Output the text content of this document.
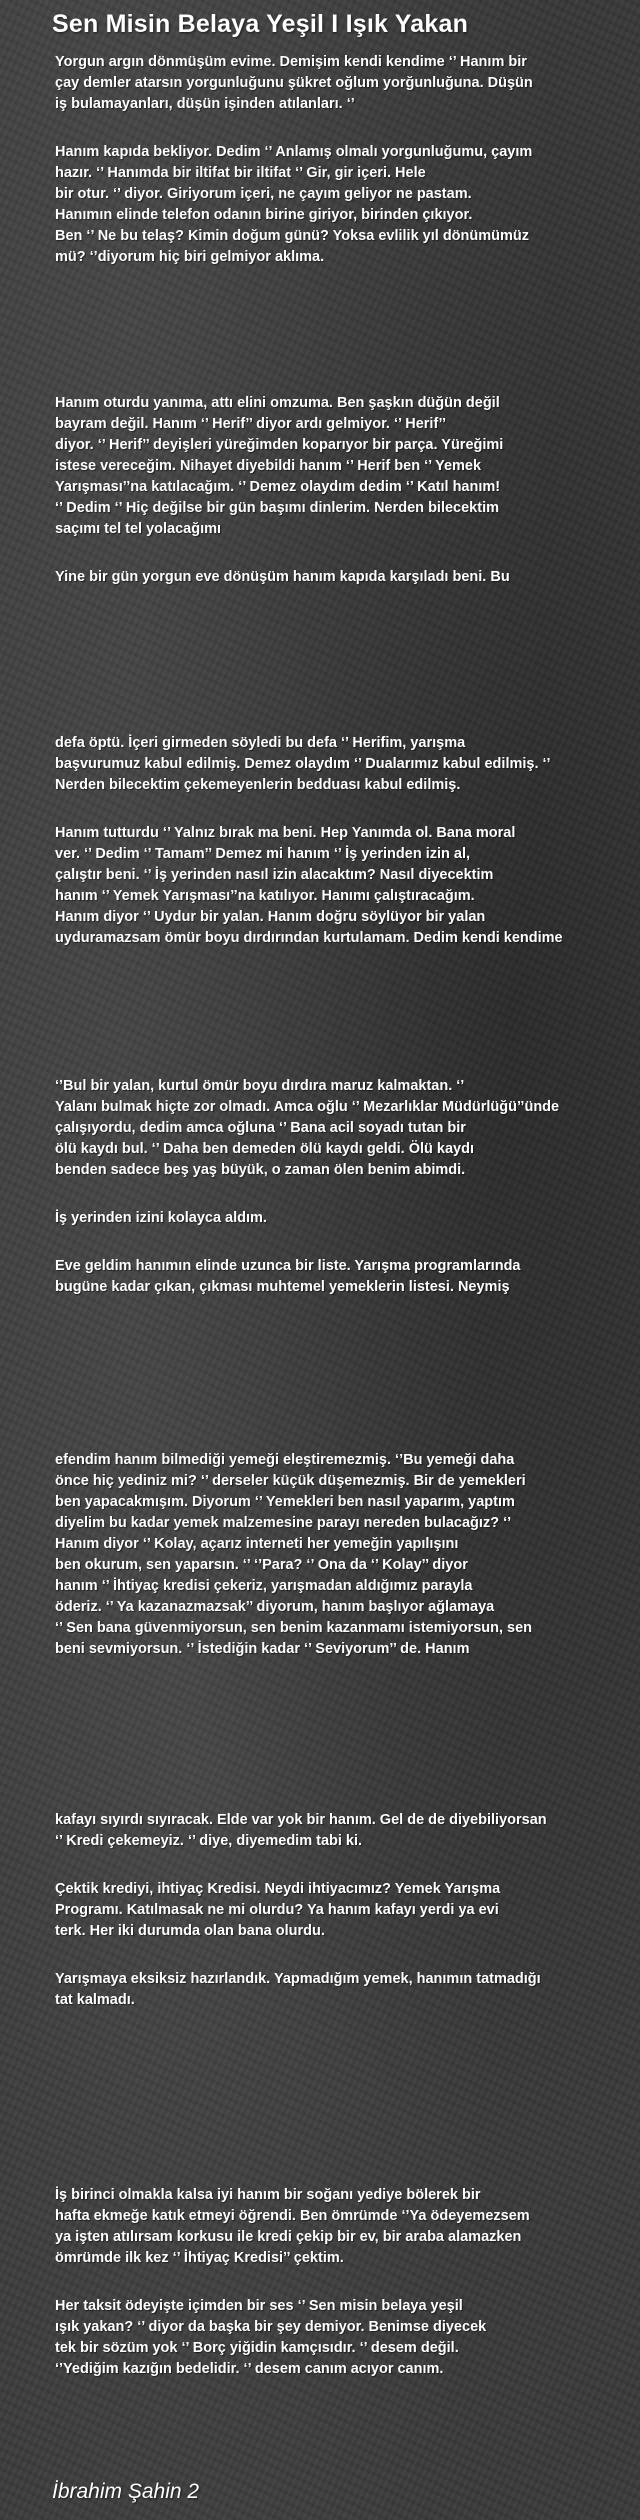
Sen Misin Belaya Yeşil I Işık Yakan

Yorgun argın dönmüşüm evime. Demişim kendi kendime ‘’ Hanım bir
çay demler atarsın yorgunluğunu şükret oğlum yorğunluğuna. Düşün
iş bulamayanları, düşün işinden atılanları. ‘’

Hanım kapıda bekliyor. Dedim ‘’ Anlamış olmalı yorgunluğumu, çayım
hazır. ‘’ Hanımda bir iltifat bir iltifat ‘’ Gir, gir içeri. Hele
bir otur. ‘’ diyor. Giriyorum içeri, ne çayım geliyor ne pastam.
Hanımın elinde telefon odanın birine giriyor, birinden çıkıyor.
Ben ‘’ Ne bu telaş? Kimin doğum günü? Yoksa evlilik yıl dönümümüz
mü? ‘’diyorum hiç biri gelmiyor aklıma.

Hanım oturdu yanıma, attı elini omzuma. Ben şaşkın düğün değil
bayram değil. Hanım ‘’ Herif’’ diyor ardı gelmiyor. ‘’ Herif’’
diyor. ‘’ Herif’’ deyişleri yüreğimden koparıyor bir parça. Yüreğimi
istese vereceğim. Nihayet diyebildi hanım ‘’ Herif ben ‘’ Yemek
Yarışması’’na katılacağım. ‘’ Demez olaydım dedim ‘’ Katıl hanım!
‘’ Dedim ‘’ Hiç değilse bir gün başımı dinlerim. Nerden bilecektim
saçımı tel tel yolacağımı

Yine bir gün yorgun eve dönüşüm hanım kapıda karşıladı beni. Bu

defa öptü. İçeri girmeden söyledi bu defa ‘’ Herifim, yarışma
başvurumuz kabul edilmiş. Demez olaydım ‘’ Dualarımız kabul edilmiş. ‘’
Nerden bilecektim çekemeyenlerin bedduası kabul edilmiş.

Hanım tutturdu ‘’ Yalnız bırak ma beni. Hep Yanımda ol. Bana moral
ver. ‘’ Dedim ‘’ Tamam’’ Demez mi hanım ‘’ İş yerinden izin al,
çalıştır beni. ‘’ İş yerinden nasıl izin alacaktım? Nasıl diyecektim
hanım ‘’ Yemek Yarışması’’na katılıyor. Hanımı çalıştıracağım.
Hanım diyor ‘’ Uydur bir yalan. Hanım doğru söylüyor bir yalan
uyduramazsam ömür boyu dırdırından kurtulamam. Dedim kendi kendime

‘’Bul bir yalan, kurtul ömür boyu dırdıra maruz kalmaktan. ‘’
Yalanı bulmak hiçte zor olmadı. Amca oğlu ‘’ Mezarlıklar Müdürlüğü’’ünde
çalışıyordu, dedim amca oğluna ‘’ Bana acil soyadı tutan bir
ölü kaydı bul. ‘’ Daha ben demeden ölü kaydı geldi. Ölü kaydı
benden sadece beş yaş büyük, o zaman ölen benim abimdi.

İş yerinden izini kolayca aldım.

Eve geldim hanımın elinde uzunca bir liste. Yarışma programlarında
bugüne kadar çıkan, çıkması muhtemel yemeklerin listesi. Neymiş

efendim hanım bilmediği yemeği eleştiremezmiş. ‘’Bu yemeği daha
önce hiç yediniz mi? ‘’ derseler küçük düşemezmiş. Bir de yemekleri
ben yapacakmışım. Diyorum ‘’ Yemekleri ben nasıl yaparım, yaptım
diyelim bu kadar yemek malzemesine parayı nereden bulacağız? ‘’
Hanım diyor ‘’ Kolay, açarız interneti her yemeğin yapılışını
ben okurum, sen yaparsın. ‘’ ‘’Para? ‘’ Ona da ‘’ Kolay’’ diyor
hanım ‘’ İhtiyaç kredisi çekeriz, yarışmadan aldığımız parayla
öderiz. ‘’ Ya kazanazmazsak’’ diyorum, hanım başlıyor ağlamaya
‘’ Sen bana güvenmiyorsun, sen benim kazanmamı istemiyorsun, sen
beni sevmiyorsun. ‘’ İstediğin kadar ‘’ Seviyorum’’ de. Hanım

kafayı sıyırdı sıyıracak. Elde var yok bir hanım. Gel de de diyebiliyorsan
‘’ Kredi çekemeyiz. ‘’ diye, diyemedim tabi ki.

Çektik krediyi, ihtiyaç Kredisi. Neydi ihtiyacımız? Yemek Yarışma
Programı. Katılmasak ne mi olurdu? Ya hanım kafayı yerdi ya evi
terk. Her iki durumda olan bana olurdu.

Yarışmaya eksiksiz hazırlandık. Yapmadığım yemek, hanımın tatmadığı
tat kalmadı.

İş birinci olmakla kalsa iyi hanım bir soğanı yediye bölerek bir
hafta ekmeğe katık etmeyi öğrendi. Ben ömrümde ‘’Ya ödeyemezsem
ya işten atılırsam korkusu ile kredi çekip bir ev, bir araba alamazken
ömrümde ilk kez ‘’ İhtiyaç Kredisi’’ çektim.

Her taksit ödeyişte içimden bir ses ‘’ Sen misin belaya yeşil
ışık yakan? ‘’ diyor da başka bir şey demiyor. Benimse diyecek
tek bir sözüm yok ‘’ Borç yiğidin kamçısıdır. ‘’ desem değil.
‘’Yediğim kazığın bedelidir. ‘’ desem canım acıyor canım.

İbrahim Şahin 2
